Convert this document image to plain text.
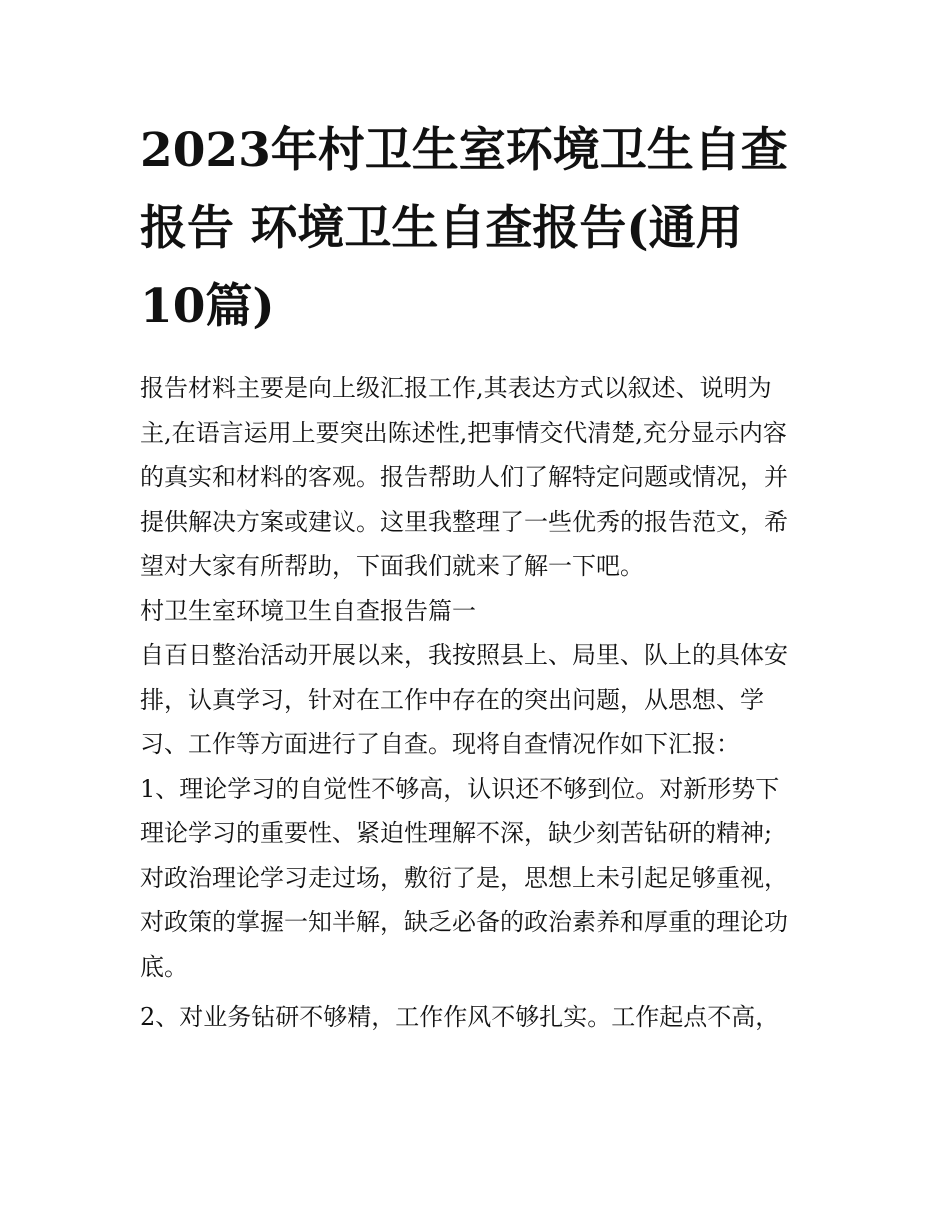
2023年村卫生室环境卫生自查
报告 环境卫生自查报告(通用
10篇)

报告材料主要是向上级汇报工作,其表达方式以叙述、说明为
主,在语言运用上要突出陈述性,把事情交代清楚,充分显示内容
的真实和材料的客观。报告帮助人们了解特定问题或情况，并
提供解决方案或建议。这里我整理了一些优秀的报告范文，希
望对大家有所帮助，下面我们就来了解一下吧。

村卫生室环境卫生自查报告篇一

自百日整治活动开展以来，我按照县上、局里、队上的具体安
排，认真学习，针对在工作中存在的突出问题，从思想、学
习、工作等方面进行了自查。现将自查情况作如下汇报：

1、理论学习的自觉性不够高，认识还不够到位。对新形势下
理论学习的重要性、紧迫性理解不深，缺少刻苦钻研的精神;
对政治理论学习走过场，敷衍了是，思想上未引起足够重视，
对政策的掌握一知半解，缺乏必备的政治素养和厚重的理论功
底。

2、对业务钻研不够精，工作作风不够扎实。工作起点不高，
